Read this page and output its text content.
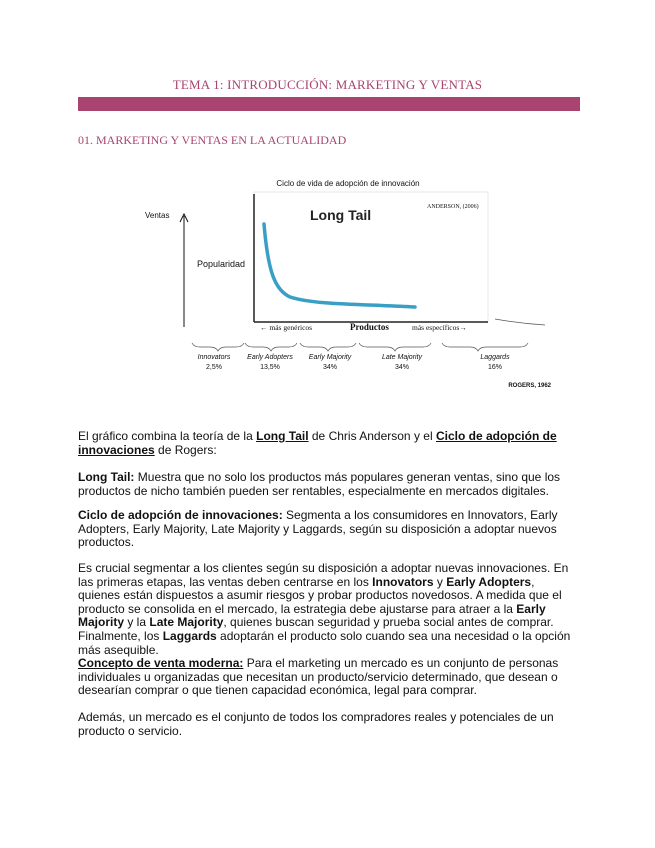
TEMA 1: INTRODUCCIÓN: MARKETING Y VENTAS
01. MARKETING Y VENTAS EN LA ACTUALIDAD
Ciclo de vida de adopción de innovación
Ventas	Long Tail
Popularidad
ANDERSON, (2006)
← más genéricos	Productos	más específicos→
Innovators
2,5%
Early Adopters
13,5%
Early Majority
34%
Late Majority
34%
Laggards
16%
ROGERS, 1962
El gráfico combina la teoría de la Long Tail de Chris Anderson y el Ciclo de adopción de innovaciones de Rogers:
Long Tail: Muestra que no solo los productos más populares generan ventas, sino que los productos de nicho también pueden ser rentables, especialmente en mercados digitales.
Ciclo de adopción de innovaciones: Segmenta a los consumidores en Innovators, Early Adopters, Early Majority, Late Majority y Laggards, según su disposición a adoptar nuevos productos.
Es crucial segmentar a los clientes según su disposición a adoptar nuevas innovaciones. En las primeras etapas, las ventas deben centrarse en los Innovators y Early Adopters, quienes están dispuestos a asumir riesgos y probar productos novedosos. A medida que el producto se consolida en el mercado, la estrategia debe ajustarse para atraer a la Early Majority y la Late Majority, quienes buscan seguridad y prueba social antes de comprar. Finalmente, los Laggards adoptarán el producto solo cuando sea una necesidad o la opción más asequible.
Concepto de venta moderna: Para el marketing un mercado es un conjunto de personas individuales u organizadas que necesitan un producto/servicio determinado, que desean o desearían comprar o que tienen capacidad económica, legal para comprar.
Además, un mercado es el conjunto de todos los compradores reales y potenciales de un producto o servicio.
